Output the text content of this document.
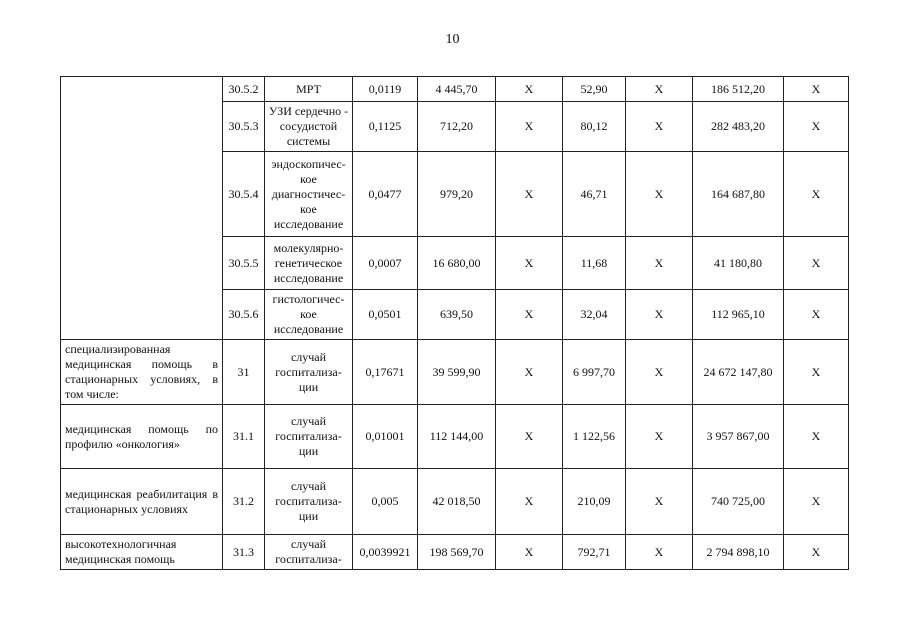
10
	30.5.2	МРТ	0,0119	4 445,70	X	52,90	X	186 512,20	X
	30.5.3	УЗИ сердечно - сосудистой системы	0,1125	712,20	X	80,12	X	282 483,20	X
	30.5.4	эндоскопичес-кое диагностичес-кое исследование	0,0477	979,20	X	46,71	X	164 687,80	X
	30.5.5	молекулярно-генетическое исследование	0,0007	16 680,00	X	11,68	X	41 180,80	X
	30.5.6	гистологичес-кое исследование	0,0501	639,50	X	32,04	X	112 965,10	X
специализированная медицинская помощь в стационарных условиях, в том числе:	31	случай госпитализа-ции	0,17671	39 599,90	X	6 997,70	X	24 672 147,80	X
медицинская помощь по профилю «онкология»	31.1	случай госпитализа-ции	0,01001	112 144,00	X	1 122,56	X	3 957 867,00	X
медицинская реабилитация в стационарных условиях	31.2	случай госпитализа-ции	0,005	42 018,50	X	210,09	X	740 725,00	X
высокотехнологичная медицинская помощь	31.3	случай госпитализа-	0,0039921	198 569,70	X	792,71	X	2 794 898,10	X
